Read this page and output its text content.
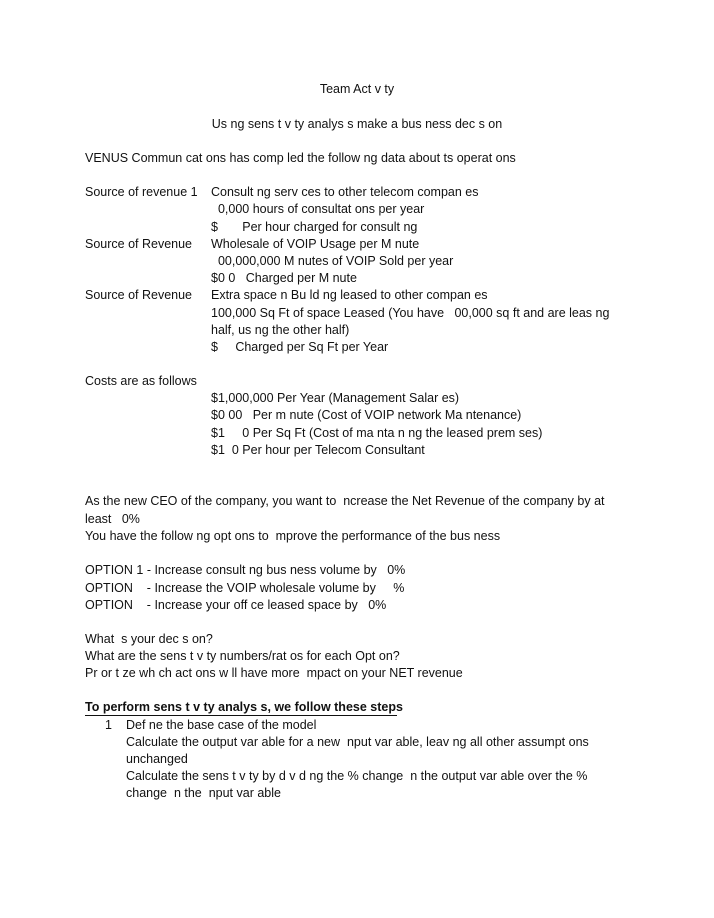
Team Act v ty
Us ng sens t v ty analys s make a bus ness dec s on
VENUS Commun cat ons has comp led the follow ng data about ts operat ons
Source of revenue 1 Consult ng serv ces to other telecom compan es
0,000 hours of consultat ons per year
$       Per hour charged for consult ng
Source of Revenue Wholesale of VOIP Usage per M nute
00,000,000 M nutes of VOIP Sold per year
$0 0   Charged per M nute
Source of Revenue Extra space n Bu ld ng leased to other compan es
100,000 Sq Ft of space Leased (You have   00,000 sq ft and are leas ng
half, us ng the other half)
$     Charged per Sq Ft per Year
Costs are as follows
$1,000,000 Per Year (Management Salar es)
$0 00   Per m nute (Cost of VOIP network Ma ntenance)
$1     0 Per Sq Ft (Cost of ma nta n ng the leased prem ses)
$1  0 Per hour per Telecom Consultant
As the new CEO of the company, you want to  ncrease the Net Revenue of the company by at
least   0%
You have the follow ng opt ons to  mprove the performance of the bus ness
OPTION 1 - Increase consult ng bus ness volume by   0%
OPTION    - Increase the VOIP wholesale volume by     %
OPTION    - Increase your off ce leased space by   0%
What  s your dec s on?
What are the sens t v ty numbers/rat os for each Opt on?
Pr or t ze wh ch act ons w ll have more  mpact on your NET revenue
To perform sens t v ty analys s, we follow these steps
1 Def ne the base case of the model
Calculate the output var able for a new  nput var able, leav ng all other assumpt ons
unchanged
Calculate the sens t v ty by d v d ng the % change  n the output var able over the %
change  n the  nput var able
